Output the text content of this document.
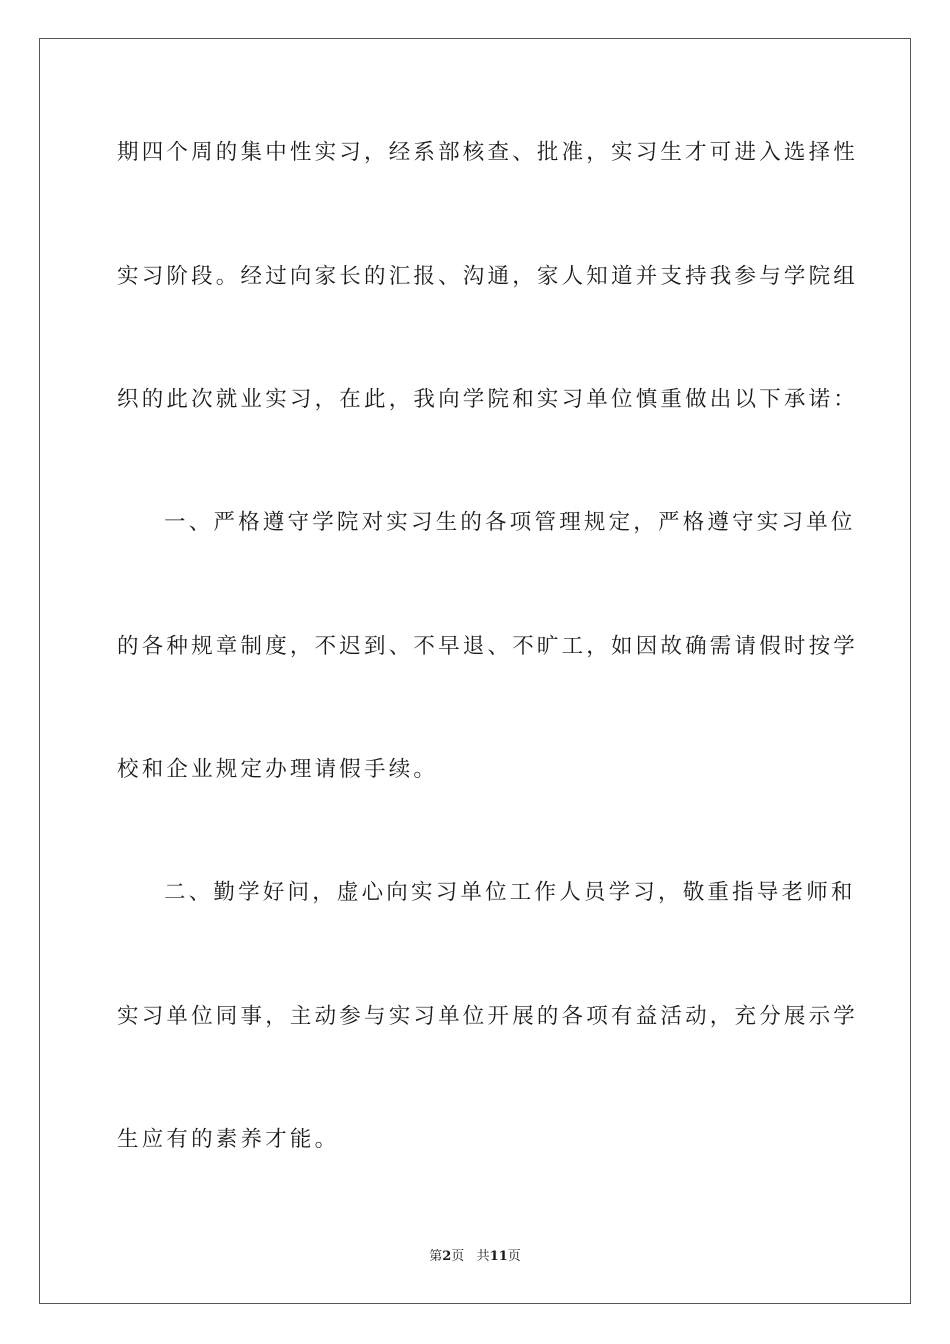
期四个周的集中性实习，经系部核查、批准，实习生才可进入选择性
实习阶段。经过向家长的汇报、沟通，家人知道并支持我参与学院组
织的此次就业实习，在此，我向学院和实习单位慎重做出以下承诺：
一、严格遵守学院对实习生的各项管理规定，严格遵守实习单位
的各种规章制度，不迟到、不早退、不旷工，如因故确需请假时按学
校和企业规定办理请假手续。
二、勤学好问，虚心向实习单位工作人员学习，敬重指导老师和
实习单位同事，主动参与实习单位开展的各项有益活动，充分展示学
生应有的素养才能。
第2页 共11页
